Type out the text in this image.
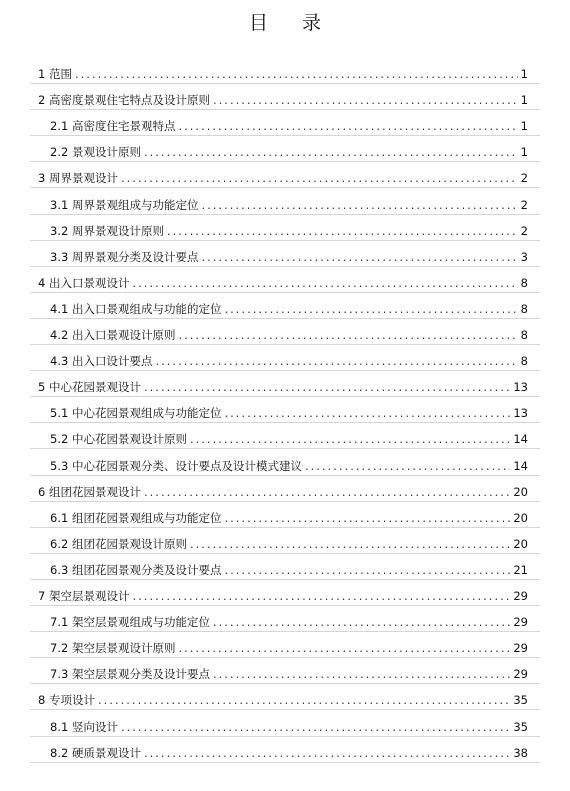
目 录
1 范围 .....	1
2 高密度景观住宅特点及设计原则 .....	1
2.1 高密度住宅景观特点 .....	1
2.2 景观设计原则 .....	1
3 周界景观设计 .....	2
3.1 周界景观组成与功能定位 .....	2
3.2 周界景观设计原则 .....	2
3.3 周界景观分类及设计要点 .....	3
4 出入口景观设计 .....	8
4.1 出入口景观组成与功能的定位 .....	8
4.2 出入口景观设计原则 .....	8
4.3 出入口设计要点 .....	8
5 中心花园景观设计 .....	13
5.1 中心花园景观组成与功能定位 .....	13
5.2 中心花园景观设计原则 .....	14
5.3 中心花园景观分类、设计要点及设计模式建议 .....	14
6 组团花园景观设计 .....	20
6.1 组团花园景观组成与功能定位 .....	20
6.2 组团花园景观设计原则 .....	20
6.3 组团花园景观分类及设计要点 .....	21
7 架空层景观设计 .....	29
7.1 架空层景观组成与功能定位 .....	29
7.2 架空层景观设计原则 .....	29
7.3 架空层景观分类及设计要点 .....	29
8 专项设计 .....	35
8.1 竖向设计 .....	35
8.2 硬质景观设计 .....	38
